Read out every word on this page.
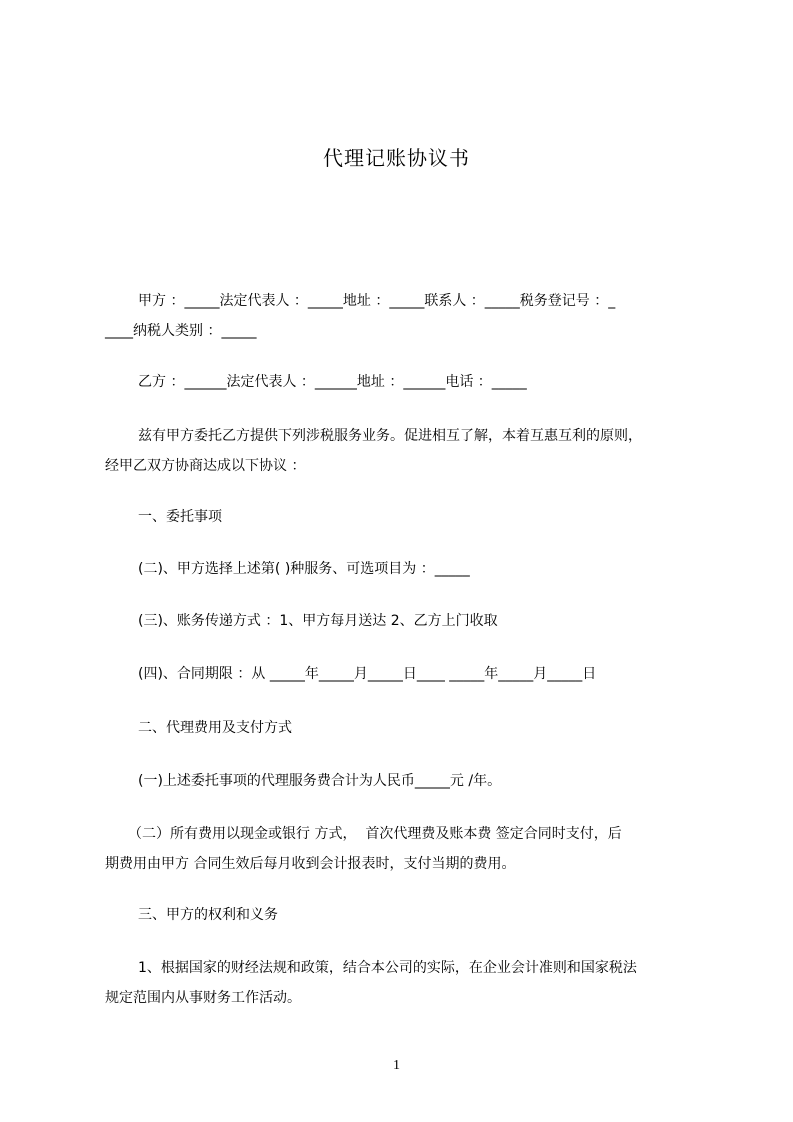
代理记账协议书
甲方 ：_____法定代表人 ：_____地址 ：_____联系人 ：_____税务登记号 ：_
____纳税人类别 ：_____
乙方 ：______法定代表人 ：______地址 ：______电话 ：_____
兹有甲方委托乙方提供下列涉税服务业务。促进相互了解，本着互惠互利的原则，
经甲乙双方协商达成以下协议 ：
一、委托事项
(二)、甲方选择上述第( )种服务、可选项目为 ：_____
(三)、账务传递方式 ：1、甲方每月送达 2、乙方上门收取
(四)、合同期限 ：从 _____年_____月_____日____ _____年_____月_____日
二、代理费用及支付方式
(一)上述委托事项的代理服务费合计为人民币_____元 /年。
（二）所有费用以现金或银行 方式，  首次代理费及账本费 签定合同时支付，后
期费用由甲方 合同生效后每月收到会计报表时，支付当期的费用。
三、甲方的权利和义务
1、根据国家的财经法规和政策，结合本公司的实际，在企业会计准则和国家税法
规定范围内从事财务工作活动。
1
